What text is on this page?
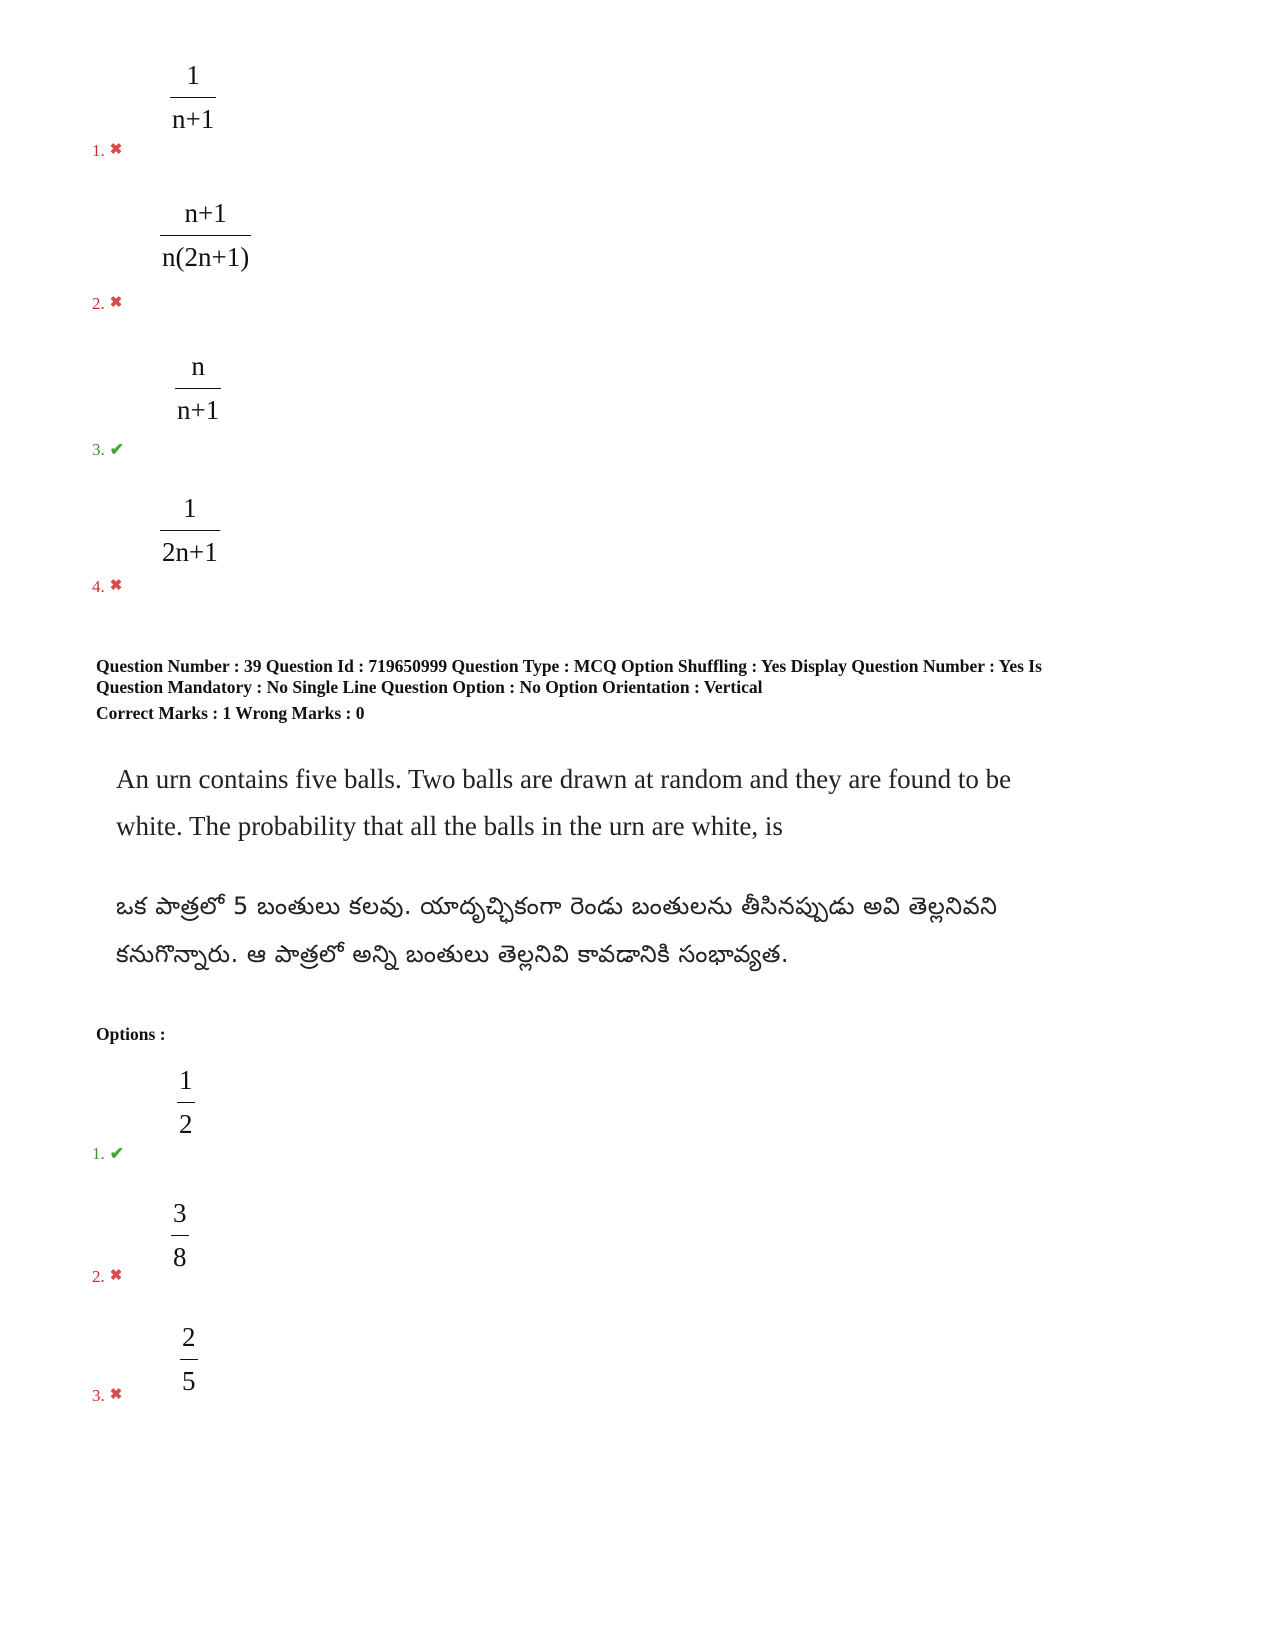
1
n+1
1. ✖
n+1
n(2n+1)
2. ✖
n
n+1
3. ✔
1
2n+1
4. ✖
Question Number : 39 Question Id : 719650999 Question Type : MCQ Option Shuffling : Yes Display Question Number : Yes Is
Question Mandatory : No Single Line Question Option : No Option Orientation : Vertical
Correct Marks : 1 Wrong Marks : 0
An urn contains five balls. Two balls are drawn at random and they are found to be
white. The probability that all the balls in the urn are white, is
ఒక పాత్రలో 5 బంతులు కలవు. యాదృచ్ఛికంగా రెండు బంతులను తీసినప్పుడు అవి తెల్లనివని
కనుగొన్నారు. ఆ పాత్రలో అన్ని బంతులు తెల్లనివి కావడానికి సంభావ్యత.
Options :
1
2
1. ✔
3
8
2. ✖
2
5
3. ✖
